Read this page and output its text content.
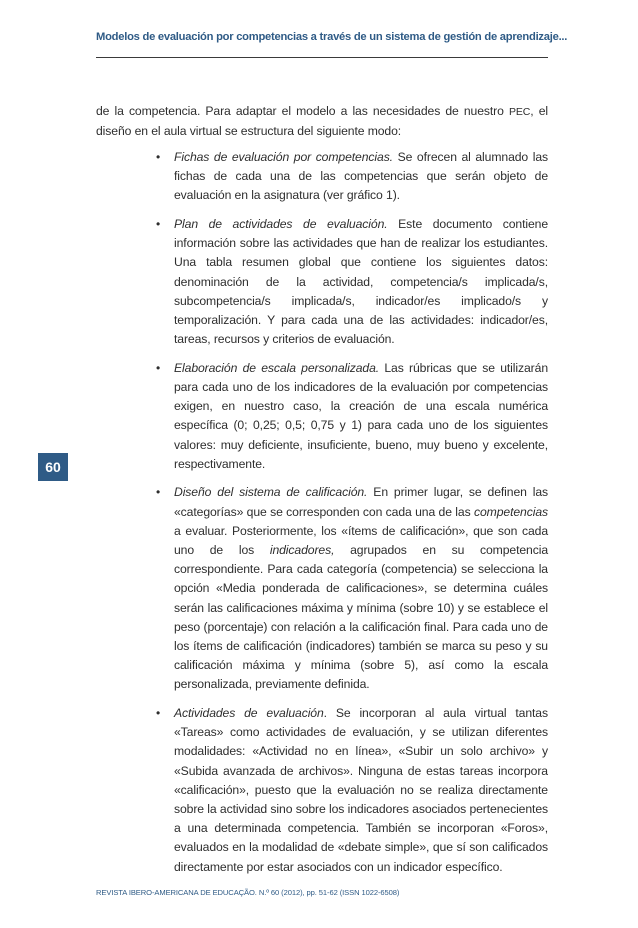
Modelos de evaluación por competencias a través de un sistema de gestión de aprendizaje...
60

de la competencia. Para adaptar el modelo a las necesidades de nuestro PEC, el diseño en el aula virtual se estructura del siguiente modo:

• Fichas de evaluación por competencias. Se ofrecen al alumnado las fichas de cada una de las competencias que serán objeto de evaluación en la asignatura (ver gráfico 1).
• Plan de actividades de evaluación. Este documento contiene información sobre las actividades que han de realizar los estudiantes. Una tabla resumen global que contiene los siguientes datos: denominación de la actividad, competencia/s implicada/s, subcompetencia/s implicada/s, indicador/es implicado/s y temporalización. Y para cada una de las actividades: indicador/es, tareas, recursos y criterios de evaluación.
• Elaboración de escala personalizada. Las rúbricas que se utilizarán para cada uno de los indicadores de la evaluación por competencias exigen, en nuestro caso, la creación de una escala numérica específica (0; 0,25; 0,5; 0,75 y 1) para cada uno de los siguientes valores: muy deficiente, insuficiente, bueno, muy bueno y excelente, respectivamente.
• Diseño del sistema de calificación. En primer lugar, se definen las «categorías» que se corresponden con cada una de las competencias a evaluar. Posteriormente, los «ítems de calificación», que son cada uno de los indicadores, agrupados en su competencia correspondiente. Para cada categoría (competencia) se selecciona la opción «Media ponderada de calificaciones», se determina cuáles serán las calificaciones máxima y mínima (sobre 10) y se establece el peso (porcentaje) con relación a la calificación final. Para cada uno de los ítems de calificación (indicadores) también se marca su peso y su calificación máxima y mínima (sobre 5), así como la escala personalizada, previamente definida.
• Actividades de evaluación. Se incorporan al aula virtual tantas «Tareas» como actividades de evaluación, y se utilizan diferentes modalidades: «Actividad no en línea», «Subir un solo archivo» y «Subida avanzada de archivos». Ninguna de estas tareas incorpora «calificación», puesto que la evaluación no se realiza directamente sobre la actividad sino sobre los indicadores asociados pertenecientes a una determinada competencia. También se incorporan «Foros», evaluados en la modalidad de «debate simple», que sí son calificados directamente por estar asociados con un indicador específico.
REVISTA IBERO-AMERICANA DE EDUCAÇÃO. N.º 60 (2012), pp. 51-62 (ISSN 1022-6508)
